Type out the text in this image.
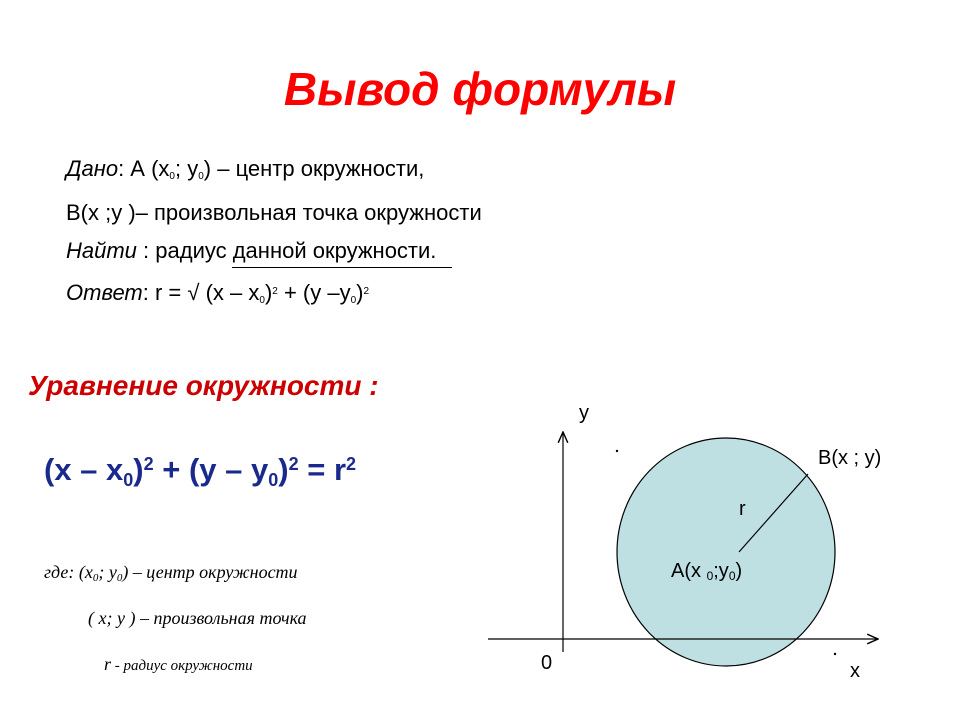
Вывод формулы
Дано: А ($х_0$; $у_0$) – центр окружности,
В(х ;у )– произвольная точка окружности
Найти : радиус данной окружности.
Ответ: r = √ $(х - х_0)^2 + (у$ $-у_0)^2$
Уравнение окружности :
$(x - x_0)^2 + (y - y_0)^2 = r^2$
где: ($x_0$; $y_0$) – центр окружности
( x; y ) – произвольная точка
r - радиус окружности
y
x
0
B(x ; y)
r
A(x $_0;y_0$)
